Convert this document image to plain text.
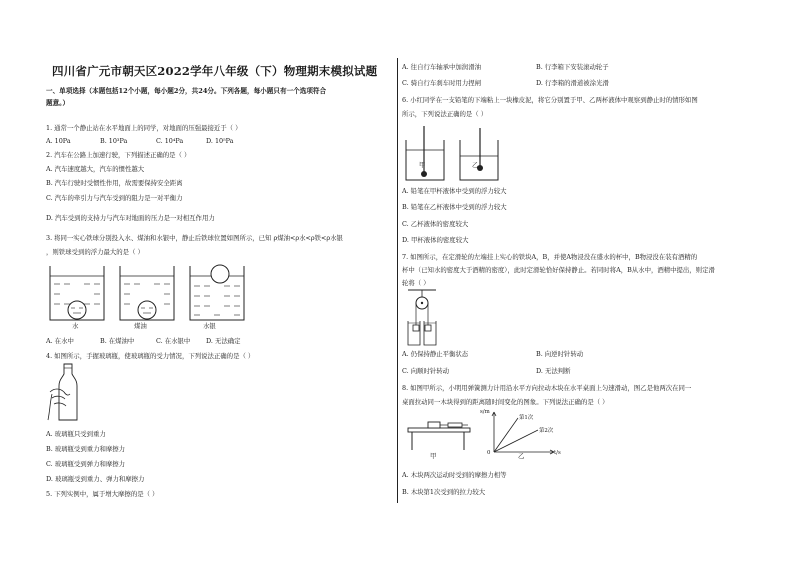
四川省广元市朝天区2022学年八年级（下）物理期末模拟试题
一、单项选择（本题包括12个小题，每小题2分，共24分。下列各题，每小题只有一个选项符合
题意。）
1. 通常一个静止站在水平地面上的同学，对地面的压强最接近于（ ）
A. 10Pa	B. 10³Pa	C. 10⁴Pa	D. 10⁵Pa
2. 汽车在公路上加速行驶，下列描述正确的是（ ）
A. 汽车速度越大，汽车的惯性越大
B. 汽车行驶时受惯性作用，故需要保持安全距离
C. 汽车的牵引力与汽车受到的阻力是一对平衡力
D. 汽车受到的支持力与汽车对地面的压力是一对相互作用力
3. 将同一实心铁球分别投入水、煤油和水银中，静止后铁球位置如图所示，已知 ρ煤油<ρ水<ρ铁<ρ水银
，则铁球受到的浮力最大的是（ ）
水	煤油	水银
A. 在水中	B. 在煤油中	C. 在水银中 D. 无法确定
4. 如图所示，手握玻璃瓶，使玻璃瓶的受力情况，下列说法正确的是（ ）
A. 玻璃瓶只受到重力
B. 玻璃瓶受到重力和摩擦力
C. 玻璃瓶受到弹力和摩擦力
D. 玻璃瓶受到重力、弹力和摩擦力
5. 下列实例中，属于增大摩擦的是（ ）
A. 往自行车轴承中加润滑油	B. 行李箱下安装滚动轮子
C. 骑自行车刹车时用力捏闸	D. 行李箱的滑道被涂光滑
6. 小红同学在一支铅笔的下端粘上一块橡皮泥，将它分别置于甲、乙两杯液体中观察到静止时的情形如图
所示，下列说法正确的是（ ）
甲	乙
A. 铅笔在甲杯液体中受到的浮力较大
B. 铅笔在乙杯液体中受到的浮力较大
C. 乙杯液体的密度较大
D. 甲杯液体的密度较大
7. 如图所示，在定滑轮的左端挂上实心的铁块A，B，并使A物浸没在盛水的杯中，B物浸没在装有酒精的
杯中（已知水的密度大于酒精的密度），此时定滑轮恰好保持静止。若同时将A，B从水中，酒精中提出，则定滑
轮将（ ）
A. 仍保持静止平衡状态	B. 向逆时针转动
C. 向顺时针转动	D. 无法判断
8. 如图甲所示，小明用弹簧测力计用沿水平方向拉动木块在水平桌面上匀速滑动，图乙是他两次在同一
桌面拉动同一木块得到的距离随时间变化的图象。下列说法正确的是（ ）
甲
s/m
t/s
0
第1次
第2次
乙
A. 木块两次运动时受到的摩擦力相等
B. 木块第1次受到的拉力较大
